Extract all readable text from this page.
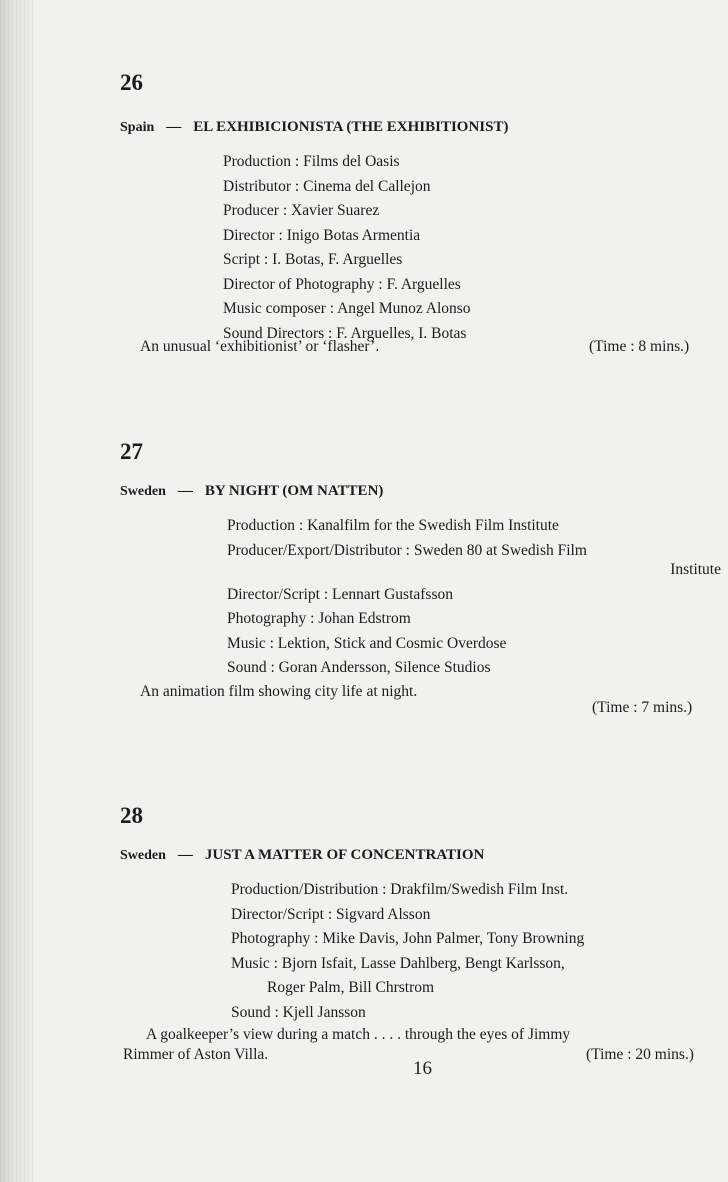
26
Spain — EL EXHIBICIONISTA (THE EXHIBITIONIST)
Production : Films del Oasis
Distributor : Cinema del Callejon
Producer : Xavier Suarez
Director : Inigo Botas Armentia
Script : I. Botas, F. Arguelles
Director of Photography : F. Arguelles
Music composer : Angel Munoz Alonso
Sound Directors : F. Arguelles, I. Botas
An unusual ‘exhibitionist’ or ‘flasher’.	(Time : 8 mins.)
27
Sweden — BY NIGHT (OM NATTEN)
Production : Kanalfilm for the Swedish Film Institute
Producer/Export/Distributor : Sweden 80 at Swedish Film
Institute
Director/Script : Lennart Gustafsson
Photography : Johan Edstrom
Music : Lektion, Stick and Cosmic Overdose
Sound : Goran Andersson, Silence Studios
An animation film showing city life at night.
(Time : 7 mins.)
28
Sweden — JUST A MATTER OF CONCENTRATION
Production/Distribution : Drakfilm/Swedish Film Inst.
Director/Script : Sigvard Alsson
Photography : Mike Davis, John Palmer, Tony Browning
Music : Bjorn Isfait, Lasse Dahlberg, Bengt Karlsson,
Roger Palm, Bill Chrstrom
Sound : Kjell Jansson
A goalkeeper’s view during a match . . . . through the eyes of Jimmy
Rimmer of Aston Villa.	(Time : 20 mins.)
16
